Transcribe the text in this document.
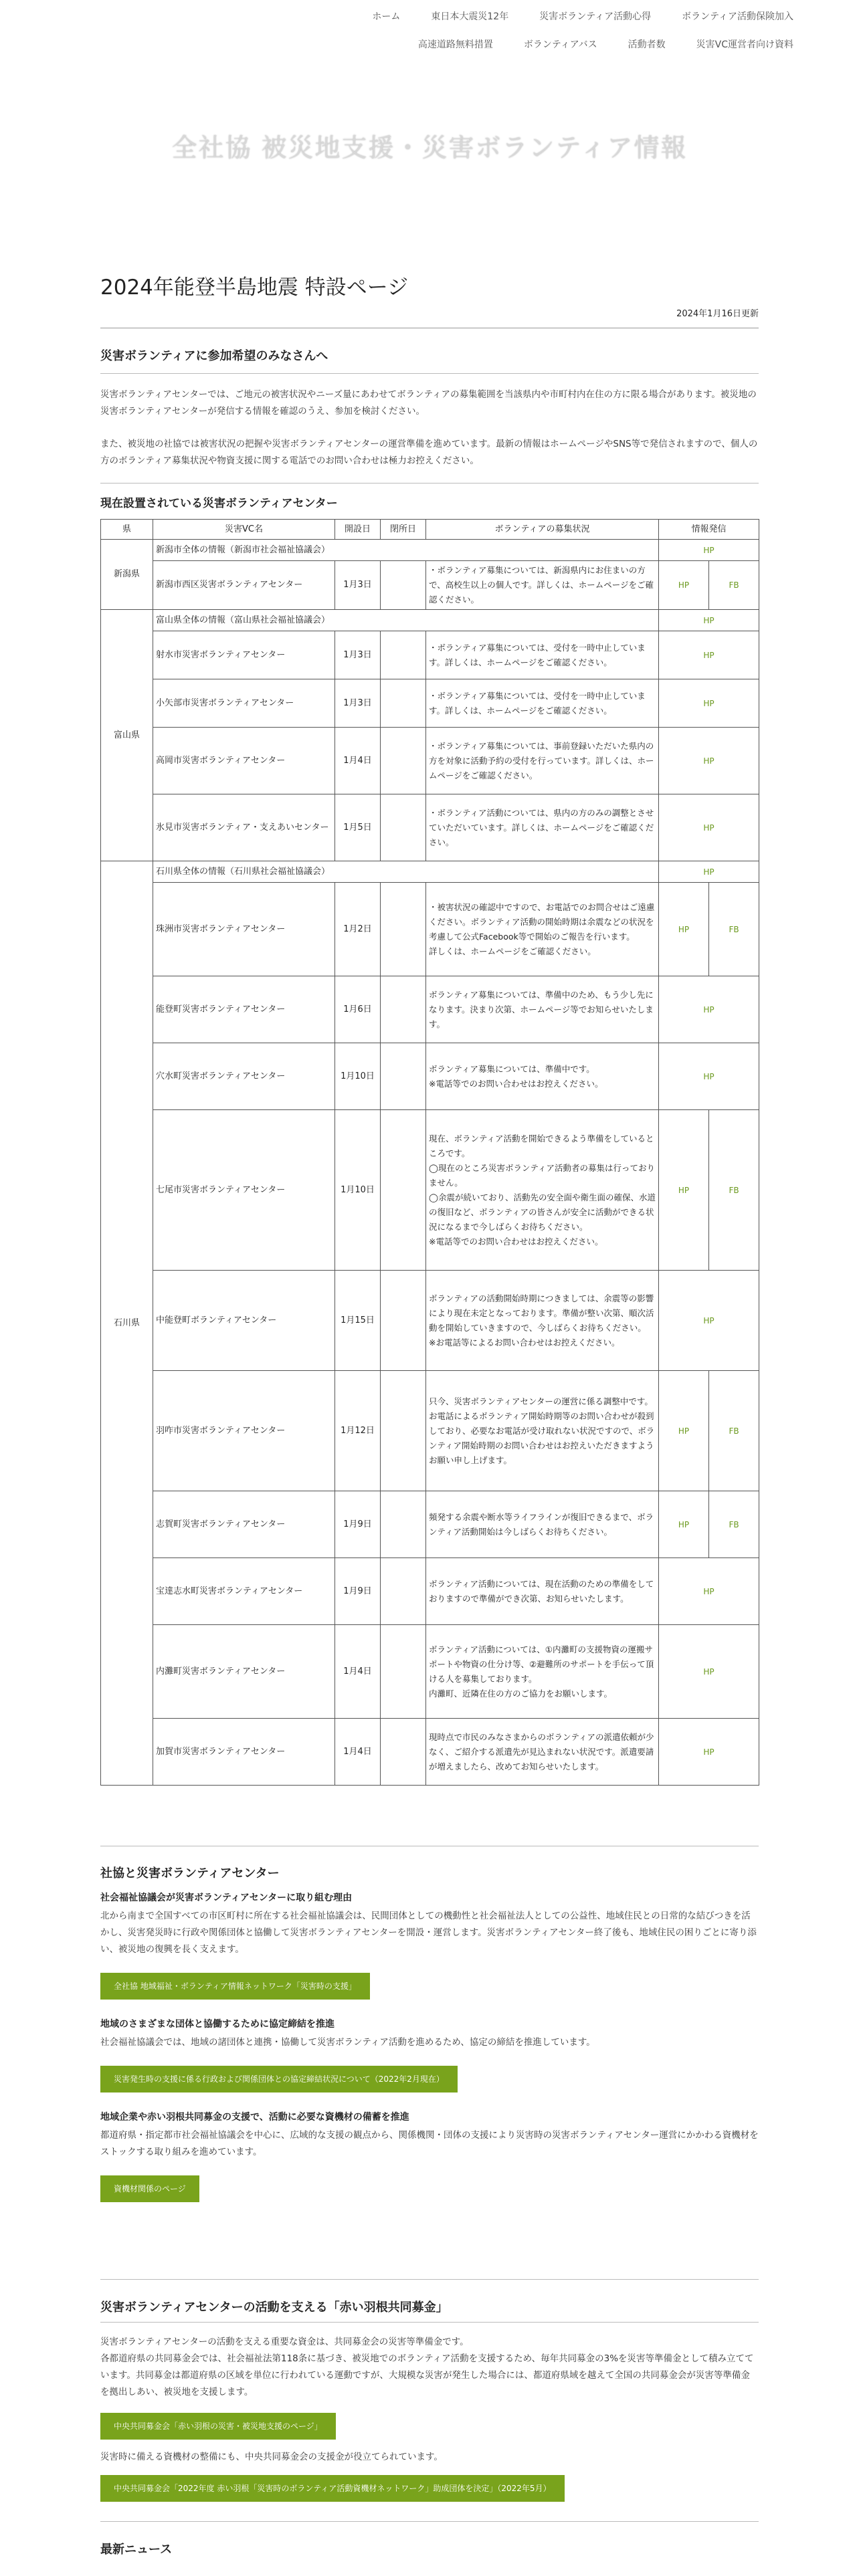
ホーム	東日本大震災12年	災害ボランティア活動心得	ボランティア活動保険加入
高速道路無料措置	ボランティアバス	活動者数	災害VC運営者向け資料
全社協 被災地支援・災害ボランティア情報
2024年能登半島地震 特設ページ
2024年1月16日更新
災害ボランティアに参加希望のみなさんへ

災害ボランティアセンターでは、ご地元の被害状況やニーズ量にあわせてボランティアの募集範囲を当該県内や市町村内在住の方に限る場合があります。被災地の災害ボランティアセンターが発信する情報を確認のうえ、参加を検討ください。

また、被災地の社協では被害状況の把握や災害ボランティアセンターの運営準備を進めています。最新の情報はホームページやSNS等で発信されますので、個人の方のボランティア募集状況や物資支援に関する電話でのお問い合わせは極力お控えください。

現在設置されている災害ボランティアセンター
県	災害VC名	開設日	閉所日	ボランティアの募集状況	情報発信	
新潟県	新潟市全体の情報（新潟市社会福祉協議会）				HP	
	新潟市西区災害ボランティアセンター	1月3日		・ボランティア募集については、新潟県内にお住まいの方で、高校生以上の個人です。詳しくは、ホームページをご確認ください。	HP	FB
富山県	富山県全体の情報（富山県社会福祉協議会）				HP	
	射水市災害ボランティアセンター	1月3日		・ボランティア募集については、受付を一時中止しています。詳しくは、ホームページをご確認ください。	HP	
	小矢部市災害ボランティアセンター	1月3日		・ボランティア募集については、受付を一時中止しています。詳しくは、ホームページをご確認ください。	HP	
	高岡市災害ボランティアセンター	1月4日		・ボランティア募集については、事前登録いただいた県内の方を対象に活動予約の受付を行っています。詳しくは、ホームページをご確認ください。	HP	
	氷見市災害ボランティア・支えあいセンター	1月5日		・ボランティア活動については、県内の方のみの調整とさせていただいています。詳しくは、ホームページをご確認ください。	HP	
石川県	石川県全体の情報（石川県社会福祉協議会）				HP	
	珠洲市災害ボランティアセンター	1月2日		・被害状況の確認中ですので、お電話でのお問合せはご遠慮ください。ボランティア活動の開始時期は余震などの状況を考慮して公式Facebook等で開始のご報告を行います。
詳しくは、ホームページをご確認ください。	HP	FB
	能登町災害ボランティアセンター	1月6日		ボランティア募集については、準備中のため、もう少し先になります。決まり次第、ホームページ等でお知らせいたします。	HP	
	穴水町災害ボランティアセンター	1月10日		ボランティア募集については、準備中です。
※電話等でのお問い合わせはお控えください。	HP	
	七尾市災害ボランティアセンター	1月10日		現在、ボランティア活動を開始できるよう準備をしているところです。
◯現在のところ災害ボランティア活動者の募集は行っておりません。
◯余震が続いており、活動先の安全面や衛生面の確保、水道の復旧など、ボランティアの皆さんが安全に活動ができる状況になるまで今しばらくお待ちください。
※電話等でのお問い合わせはお控えください。	HP	FB
	中能登町ボランティアセンター	1月15日		ボランティアの活動開始時期につきましては、余震等の影響により現在未定となっております。準備が整い次第、順次活動を開始していきますので、今しばらくお待ちください。
※お電話等によるお問い合わせはお控えください。	HP	
	羽咋市災害ボランティアセンター	1月12日		只今、災害ボランティアセンターの運営に係る調整中です。
お電話によるボランティア開始時期等のお問い合わせが殺到しており、必要なお電話が受け取れない状況ですので、ボランティア開始時期のお問い合わせはお控えいただきますようお願い申し上げます。	HP	FB
	志賀町災害ボランティアセンター	1月9日		頻発する余震や断水等ライフラインが復旧できるまで、ボランティア活動開始は今しばらくお待ちください。	HP	FB
	宝達志水町災害ボランティアセンター	1月9日		ボランティア活動については、現在活動のための準備をしておりますので準備ができ次第、お知らせいたします。	HP	
	内灘町災害ボランティアセンター	1月4日		ボランティア活動については、①内灘町の支援物資の運搬サポートや物資の仕分け等、②避難所のサポートを手伝って頂ける人を募集しております。
内灘町、近隣在住の方のご協力をお願いします。	HP	
	加賀市災害ボランティアセンター	1月4日		現時点で市民のみなさまからのボランティアの派遣依頼が少なく、ご紹介する派遣先が見込まれない状況です。派遣要請が増えましたら、改めてお知らせいたします。	HP	
社協と災害ボランティアセンター
社会福祉協議会が災害ボランティアセンターに取り組む理由

北から南まで全国すべての市区町村に所在する社会福祉協議会は、民間団体としての機動性と社会福祉法人としての公益性、地域住民との日常的な結びつきを活かし、災害発災時に行政や関係団体と協働して災害ボランティアセンターを開設・運営します。災害ボランティアセンター終了後も、地域住民の困りごとに寄り添い、被災地の復興を長く支えます。

全社協 地域福祉・ボランティア情報ネットワーク「災害時の支援」
地域のさまざまな団体と協働するために協定締結を推進

社会福祉協議会では、地域の諸団体と連携・協働して災害ボランティア活動を進めるため、協定の締結を推進しています。

災害発生時の支援に係る行政および関係団体との協定締結状況について（2022年2月現在）
地域企業や赤い羽根共同募金の支援で、活動に必要な資機材の備蓄を推進

都道府県・指定都市社会福祉協議会を中心に、広域的な支援の観点から、関係機関・団体の支援により災害時の災害ボランティアセンター運営にかかわる資機材をストックする取り組みを進めています。

資機材関係のページ
災害ボランティアセンターの活動を支える「赤い羽根共同募金」

災害ボランティアセンターの活動を支える重要な資金は、共同募金会の災害等準備金です。
各都道府県の共同募金会では、社会福祉法第118条に基づき、被災地でのボランティア活動を支援するため、毎年共同募金の3%を災害等準備金として積み立てています。共同募金は都道府県の区域を単位に行われている運動ですが、大規模な災害が発生した場合には、都道府県域を越えて全国の共同募金会が災害等準備金を拠出しあい、被災地を支援します。

中央共同募金会「赤い羽根の災害・被災地支援のページ」

災害時に備える資機材の整備にも、中央共同募金会の支援金が役立てられています。

中央共同募金会「2022年度 赤い羽根「災害時のボランティア活動資機材ネットワーク」助成団体を決定」（2022年5月）
最新ニュース
